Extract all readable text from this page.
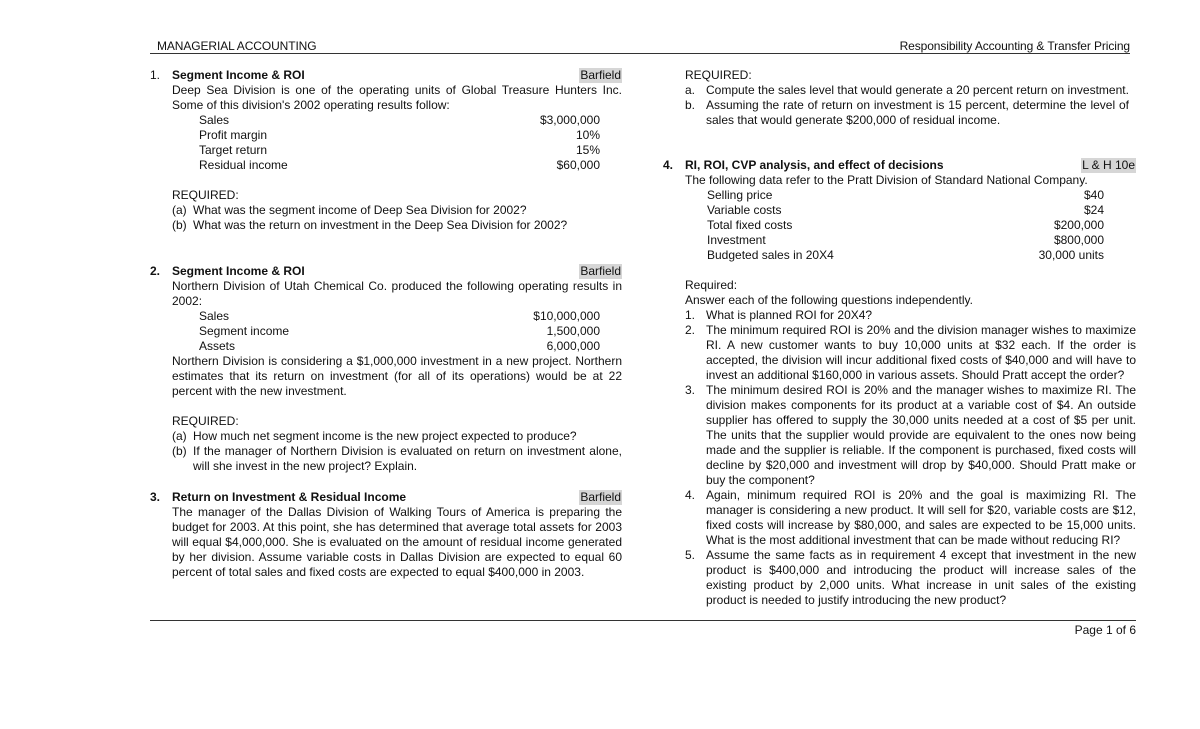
MANAGERIAL ACCOUNTING	Responsibility Accounting & Transfer Pricing
1. Segment Income & ROI	Barfield
Deep Sea Division is one of the operating units of Global Treasure Hunters Inc. Some of this division's 2002 operating results follow:
Sales	$3,000,000
Profit margin	10%
Target return	15%
Residual income	$60,000
REQUIRED:
(a) What was the segment income of Deep Sea Division for 2002?
(b) What was the return on investment in the Deep Sea Division for 2002?
2. Segment Income & ROI	Barfield
Northern Division of Utah Chemical Co. produced the following operating results in 2002:
Sales	$10,000,000
Segment income	1,500,000
Assets	6,000,000
Northern Division is considering a $1,000,000 investment in a new project. Northern estimates that its return on investment (for all of its operations) would be at 22 percent with the new investment.
REQUIRED:
(a) How much net segment income is the new project expected to produce?
(b) If the manager of Northern Division is evaluated on return on investment alone, will she invest in the new project? Explain.
3. Return on Investment & Residual Income	Barfield
The manager of the Dallas Division of Walking Tours of America is preparing the budget for 2003. At this point, she has determined that average total assets for 2003 will equal $4,000,000. She is evaluated on the amount of residual income generated by her division. Assume variable costs in Dallas Division are expected to equal 60 percent of total sales and fixed costs are expected to equal $400,000 in 2003.
REQUIRED:
a. Compute the sales level that would generate a 20 percent return on investment.
b. Assuming the rate of return on investment is 15 percent, determine the level of sales that would generate $200,000 of residual income.
4. RI, ROI, CVP analysis, and effect of decisions	L & H 10e
The following data refer to the Pratt Division of Standard National Company.
Selling price	$40
Variable costs	$24
Total fixed costs	$200,000
Investment	$800,000
Budgeted sales in 20X4	30,000 units
Required:
Answer each of the following questions independently.
1. What is planned ROI for 20X4?
2. The minimum required ROI is 20% and the division manager wishes to maximize RI. A new customer wants to buy 10,000 units at $32 each. If the order is accepted, the division will incur additional fixed costs of $40,000 and will have to invest an additional $160,000 in various assets. Should Pratt accept the order?
3. The minimum desired ROI is 20% and the manager wishes to maximize RI. The division makes components for its product at a variable cost of $4. An outside supplier has offered to supply the 30,000 units needed at a cost of $5 per unit. The units that the supplier would provide are equivalent to the ones now being made and the supplier is reliable. If the component is purchased, fixed costs will decline by $20,000 and investment will drop by $40,000. Should Pratt make or buy the component?
4. Again, minimum required ROI is 20% and the goal is maximizing RI. The manager is considering a new product. It will sell for $20, variable costs are $12, fixed costs will increase by $80,000, and sales are expected to be 15,000 units. What is the most additional investment that can be made without reducing RI?
5. Assume the same facts as in requirement 4 except that investment in the new product is $400,000 and introducing the product will increase sales of the existing product by 2,000 units. What increase in unit sales of the existing product is needed to justify introducing the new product?
Page 1 of 6
